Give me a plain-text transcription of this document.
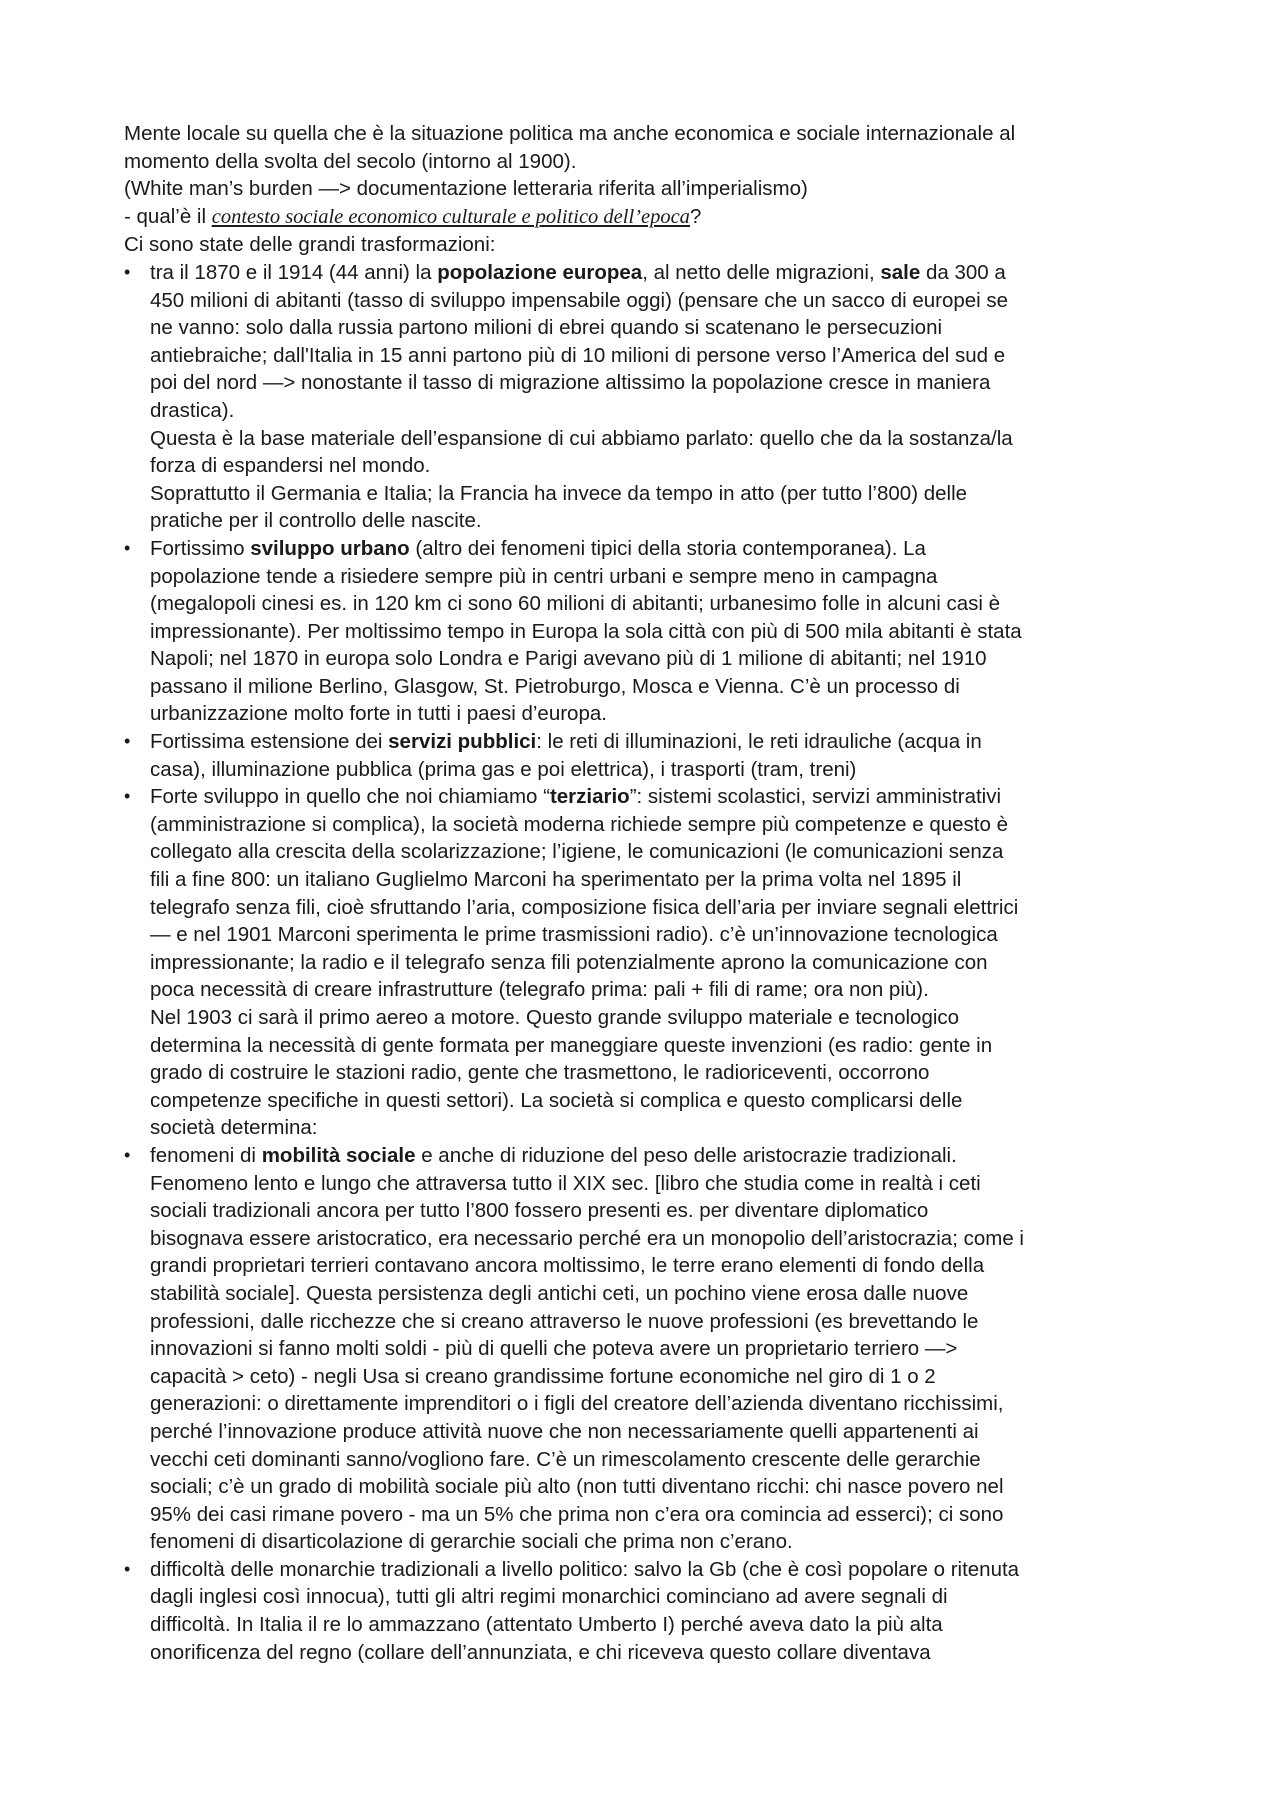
Mente locale su quella che è la situazione politica ma anche economica e sociale internazionale al

momento della svolta del secolo (intorno al 1900).

(White man’s burden —> documentazione letteraria riferita all’imperialismo)

- qual’è il contesto sociale economico culturale e politico dell’epoca?

Ci sono state delle grandi trasformazioni:

• tra il 1870 e il 1914 (44 anni) la popolazione europea, al netto delle migrazioni, sale da 300 a

450 milioni di abitanti (tasso di sviluppo impensabile oggi) (pensare che un sacco di europei se

ne vanno: solo dalla russia partono milioni di ebrei quando si scatenano le persecuzioni

antiebraiche; dall'Italia in 15 anni partono più di 10 milioni di persone verso l’America del sud e

poi del nord —> nonostante il tasso di migrazione altissimo la popolazione cresce in maniera

drastica).

Questa è la base materiale dell’espansione di cui abbiamo parlato: quello che da la sostanza/la

forza di espandersi nel mondo.

Soprattutto il Germania e Italia; la Francia ha invece da tempo in atto (per tutto l’800) delle

pratiche per il controllo delle nascite.

• Fortissimo sviluppo urbano (altro dei fenomeni tipici della storia contemporanea). La

popolazione tende a risiedere sempre più in centri urbani e sempre meno in campagna

(megalopoli cinesi es. in 120 km ci sono 60 milioni di abitanti; urbanesimo folle in alcuni casi è

impressionante). Per moltissimo tempo in Europa la sola città con più di 500 mila abitanti è stata

Napoli; nel 1870 in europa solo Londra e Parigi avevano più di 1 milione di abitanti; nel 1910

passano il milione Berlino, Glasgow, St. Pietroburgo, Mosca e Vienna. C’è un processo di

urbanizzazione molto forte in tutti i paesi d’europa.

• Fortissima estensione dei servizi pubblici: le reti di illuminazioni, le reti idrauliche (acqua in

casa), illuminazione pubblica (prima gas e poi elettrica), i trasporti (tram, treni)

• Forte sviluppo in quello che noi chiamiamo “terziario”: sistemi scolastici, servizi amministrativi

(amministrazione si complica), la società moderna richiede sempre più competenze e questo è

collegato alla crescita della scolarizzazione; l’igiene, le comunicazioni (le comunicazioni senza

fili a fine 800: un italiano Guglielmo Marconi ha sperimentato per la prima volta nel 1895 il

telegrafo senza fili, cioè sfruttando l’aria, composizione fisica dell’aria per inviare segnali elettrici

— e nel 1901 Marconi sperimenta le prime trasmissioni radio). c’è un’innovazione tecnologica

impressionante; la radio e il telegrafo senza fili potenzialmente aprono la comunicazione con

poca necessità di creare infrastrutture (telegrafo prima: pali + fili di rame; ora non più).

Nel 1903 ci sarà il primo aereo a motore. Questo grande sviluppo materiale e tecnologico

determina la necessità di gente formata per maneggiare queste invenzioni (es radio: gente in

grado di costruire le stazioni radio, gente che trasmettono, le radioriceventi, occorrono

competenze specifiche in questi settori). La società si complica e questo complicarsi delle

società determina:

• fenomeni di mobilità sociale e anche di riduzione del peso delle aristocrazie tradizionali.

Fenomeno lento e lungo che attraversa tutto il XIX sec. [libro che studia come in realtà i ceti

sociali tradizionali ancora per tutto l’800 fossero presenti es. per diventare diplomatico

bisognava essere aristocratico, era necessario perché era un monopolio dell’aristocrazia; come i

grandi proprietari terrieri contavano ancora moltissimo, le terre erano elementi di fondo della

stabilità sociale]. Questa persistenza degli antichi ceti, un pochino viene erosa dalle nuove

professioni, dalle ricchezze che si creano attraverso le nuove professioni (es brevettando le

innovazioni si fanno molti soldi - più di quelli che poteva avere un proprietario terriero —>

capacità > ceto) - negli Usa si creano grandissime fortune economiche nel giro di 1 o 2

generazioni: o direttamente imprenditori o i figli del creatore dell’azienda diventano ricchissimi,

perché l’innovazione produce attività nuove che non necessariamente quelli appartenenti ai

vecchi ceti dominanti sanno/vogliono fare. C’è un rimescolamento crescente delle gerarchie

sociali; c’è un grado di mobilità sociale più alto (non tutti diventano ricchi: chi nasce povero nel

95% dei casi rimane povero - ma un 5% che prima non c’era ora comincia ad esserci); ci sono

fenomeni di disarticolazione di gerarchie sociali che prima non c’erano.

• difficoltà delle monarchie tradizionali a livello politico: salvo la Gb (che è così popolare o ritenuta

dagli inglesi così innocua), tutti gli altri regimi monarchici cominciano ad avere segnali di

difficoltà. In Italia il re lo ammazzano (attentato Umberto I) perché aveva dato la più alta

onorificenza del regno (collare dell’annunziata, e chi riceveva questo collare diventava
